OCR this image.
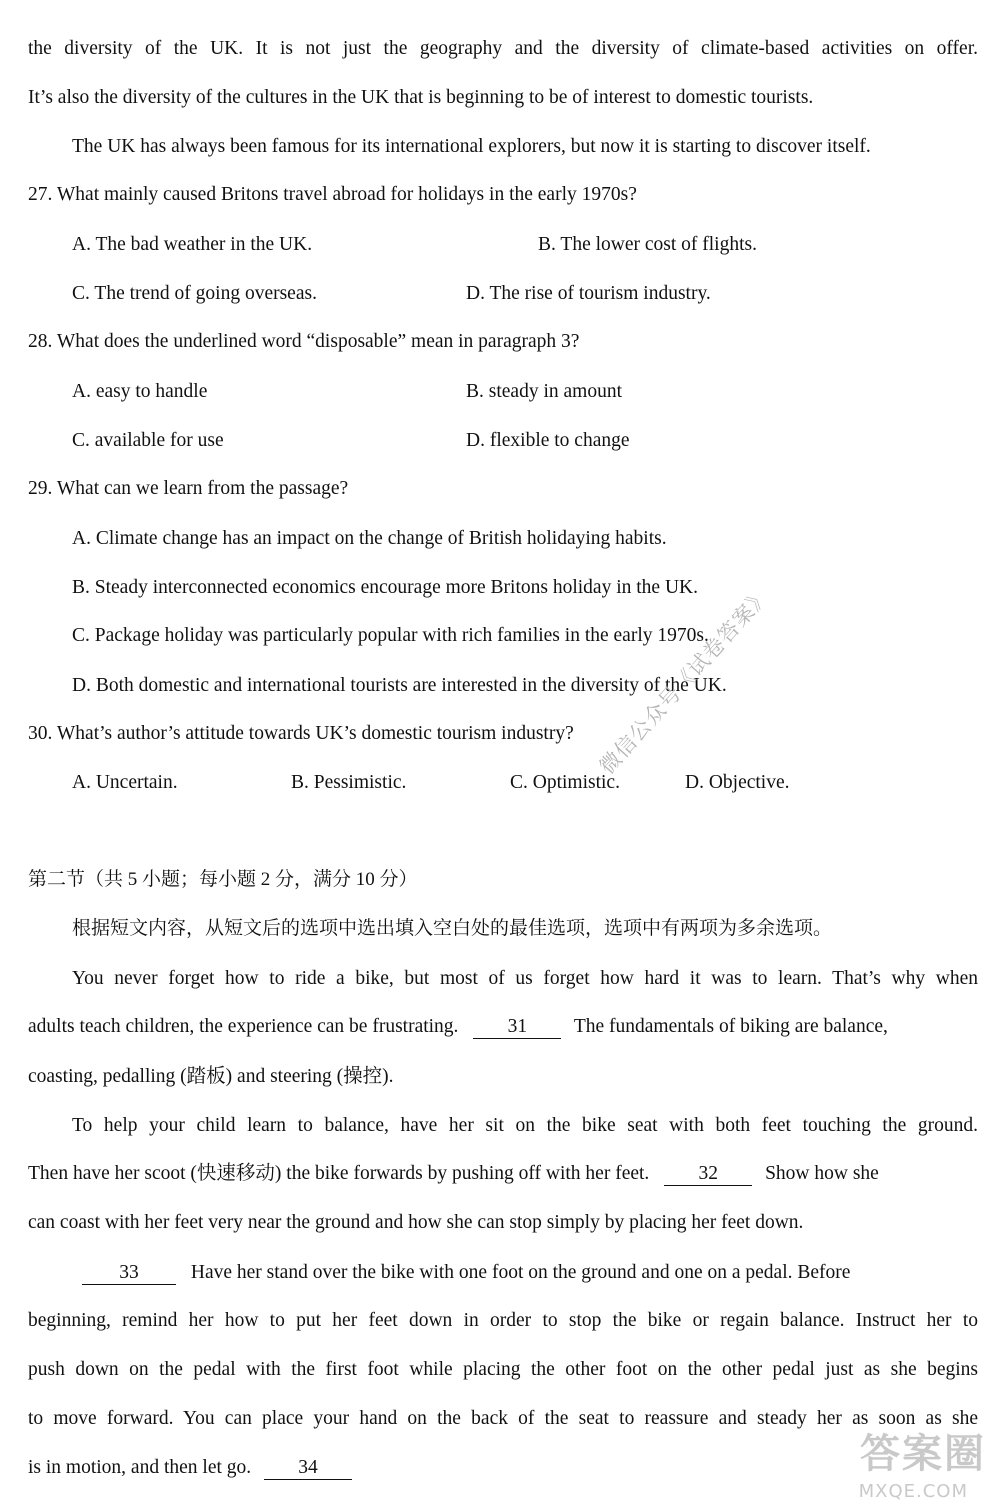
the diversity of the UK. It is not just the geography and the diversity of climate-based activities on offer.
It’s also the diversity of the cultures in the UK that is beginning to be of interest to domestic tourists.
The UK has always been famous for its international explorers, but now it is starting to discover itself.
27. What mainly caused Britons travel abroad for holidays in the early 1970s?
A. The bad weather in the UK.	B. The lower cost of flights.
C. The trend of going overseas.	D. The rise of tourism industry.
28. What does the underlined word “disposable” mean in paragraph 3?
A. easy to handle	B. steady in amount
C. available for use	D. flexible to change
29. What can we learn from the passage?
A. Climate change has an impact on the change of British holidaying habits.
B. Steady interconnected economics encourage more Britons holiday in the UK.
C. Package holiday was particularly popular with rich families in the early 1970s.
D. Both domestic and international tourists are interested in the diversity of the UK.
30. What’s author’s attitude towards UK’s domestic tourism industry?
A. Uncertain.	B. Pessimistic.	C. Optimistic.	D. Objective.
第二节（共 5 小题；每小题 2 分，满分 10 分）
根据短文内容，从短文后的选项中选出填入空白处的最佳选项，选项中有两项为多余选项。
You never forget how to ride a bike, but most of us forget how hard it was to learn. That’s why when
adults teach children, the experience can be frustrating.	31 The fundamentals of biking are balance,
coasting, pedalling (踏板) and steering (操控).
To help your child learn to balance, have her sit on the bike seat with both feet touching the ground.
Then have her scoot (快速移动) the bike forwards by pushing off with her feet.	32 Show how she
can coast with her feet very near the ground and how she can stop simply by placing her feet down.
33	Have her stand over the bike with one foot on the ground and one on a pedal. Before
beginning, remind her how to put her feet down in order to stop the bike or regain balance. Instruct her to
push down on the pedal with the first foot while placing the other foot on the other pedal just as she begins
to move forward. You can place your hand on the back of the seat to reassure and steady her as soon as she
is in motion, and then let go. 34
微信公众号《试卷答案》
答案圈
MXQE.COM
